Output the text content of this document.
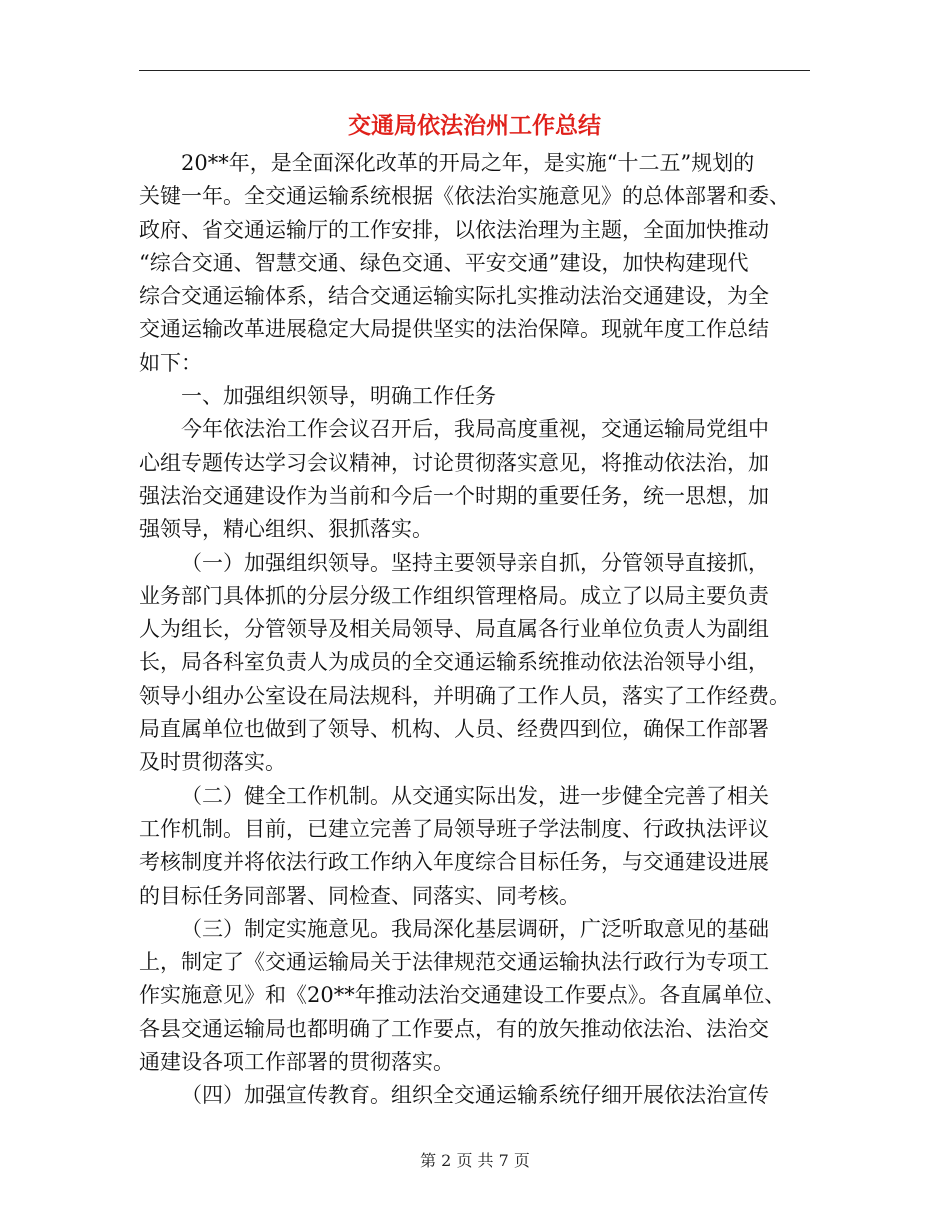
交通局依法治州工作总结
20**年，是全面深化改革的开局之年，是实施“十二五”规划的
关键一年。全交通运输系统根据《依法治实施意见》的总体部署和委、
政府、省交通运输厅的工作安排，以依法治理为主题，全面加快推动
“综合交通、智慧交通、绿色交通、平安交通”建设，加快构建现代
综合交通运输体系，结合交通运输实际扎实推动法治交通建设，为全
交通运输改革进展稳定大局提供坚实的法治保障。现就年度工作总结
如下：
一、加强组织领导，明确工作任务
今年依法治工作会议召开后，我局高度重视，交通运输局党组中
心组专题传达学习会议精神，讨论贯彻落实意见，将推动依法治，加
强法治交通建设作为当前和今后一个时期的重要任务，统一思想，加
强领导，精心组织、狠抓落实。
（一）加强组织领导。坚持主要领导亲自抓，分管领导直接抓，
业务部门具体抓的分层分级工作组织管理格局。成立了以局主要负责
人为组长，分管领导及相关局领导、局直属各行业单位负责人为副组
长，局各科室负责人为成员的全交通运输系统推动依法治领导小组，
领导小组办公室设在局法规科，并明确了工作人员，落实了工作经费。
局直属单位也做到了领导、机构、人员、经费四到位，确保工作部署
及时贯彻落实。
（二）健全工作机制。从交通实际出发，进一步健全完善了相关
工作机制。目前，已建立完善了局领导班子学法制度、行政执法评议
考核制度并将依法行政工作纳入年度综合目标任务，与交通建设进展
的目标任务同部署、同检查、同落实、同考核。
（三）制定实施意见。我局深化基层调研，广泛听取意见的基础
上，制定了《交通运输局关于法律规范交通运输执法行政行为专项工
作实施意见》和《20**年推动法治交通建设工作要点》。各直属单位、
各县交通运输局也都明确了工作要点，有的放矢推动依法治、法治交
通建设各项工作部署的贯彻落实。
（四）加强宣传教育。组织全交通运输系统仔细开展依法治宣传
第 2 页 共 7 页
